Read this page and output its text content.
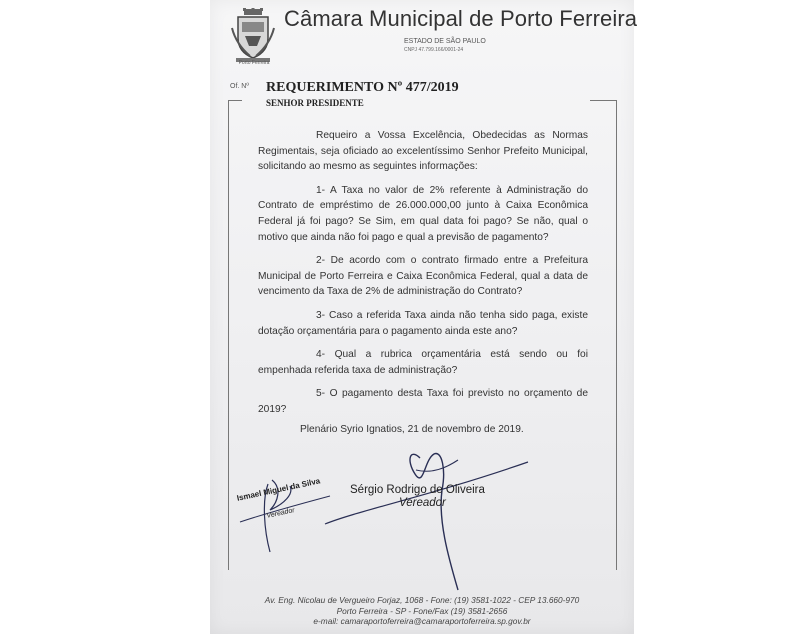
Porto Ferreira
Câmara Municipal de Porto Ferreira
ESTADO DE SÃO PAULO
CNPJ 47.799.166/0001-24
Of. Nº REQUERIMENTO Nº 477/2019
SENHOR PRESIDENTE

Requeiro a Vossa Excelência, Obedecidas as Normas Regimentais, seja oficiado ao excelentíssimo Senhor Prefeito Municipal, solicitando ao mesmo as seguintes informações:

1- A Taxa no valor de 2% referente à Administração do Contrato de empréstimo de 26.000.000,00 junto à Caixa Econômica Federal já foi pago? Se Sim, em qual data foi pago? Se não, qual o motivo que ainda não foi pago e qual a previsão de pagamento?

2- De acordo com o contrato firmado entre a Prefeitura Municipal de Porto Ferreira e Caixa Econômica Federal, qual a data de vencimento da Taxa de 2% de administração do Contrato?

3- Caso a referida Taxa ainda não tenha sido paga, existe dotação orçamentária para o pagamento ainda este ano?

4- Qual a rubrica orçamentária está sendo ou foi empenhada referida taxa de administração?

5- O pagamento desta Taxa foi previsto no orçamento de 2019?

Plenário Syrio Ignatios, 21 de novembro de 2019.
Sérgio Rodrigo de Oliveira
Vereador
Ismael Miguel da Silva
Vereador
Av. Eng. Nicolau de Vergueiro Forjaz, 1068 - Fone: (19) 3581-1022 - CEP 13.660-970
Porto Ferreira - SP - Fone/Fax (19) 3581-2656
e-mail: camaraportoferreira@camaraportoferreira.sp.gov.br
